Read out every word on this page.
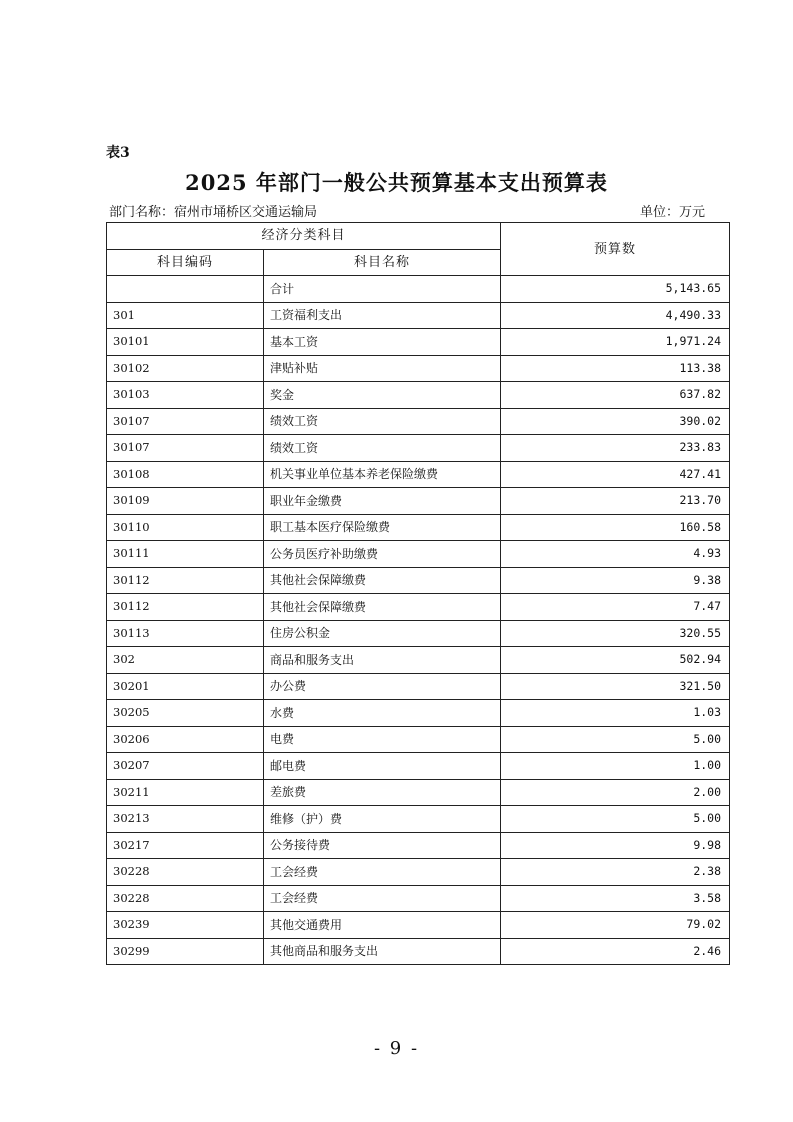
表3
2025 年部门一般公共预算基本支出预算表
部门名称：宿州市埇桥区交通运输局	单位：万元
经济分类科目		预算数
科目编码	科目名称	
	合计	5,143.65
301	工资福利支出	4,490.33
30101	基本工资	1,971.24
30102	津贴补贴	113.38
30103	奖金	637.82
30107	绩效工资	390.02
30107	绩效工资	233.83
30108	机关事业单位基本养老保险缴费	427.41
30109	职业年金缴费	213.70
30110	职工基本医疗保险缴费	160.58
30111	公务员医疗补助缴费	4.93
30112	其他社会保障缴费	9.38
30112	其他社会保障缴费	7.47
30113	住房公积金	320.55
302	商品和服务支出	502.94
30201	办公费	321.50
30205	水费	1.03
30206	电费	5.00
30207	邮电费	1.00
30211	差旅费	2.00
30213	维修（护）费	5.00
30217	公务接待费	9.98
30228	工会经费	2.38
30228	工会经费	3.58
30239	其他交通费用	79.02
30299	其他商品和服务支出	2.46
- 9 -
